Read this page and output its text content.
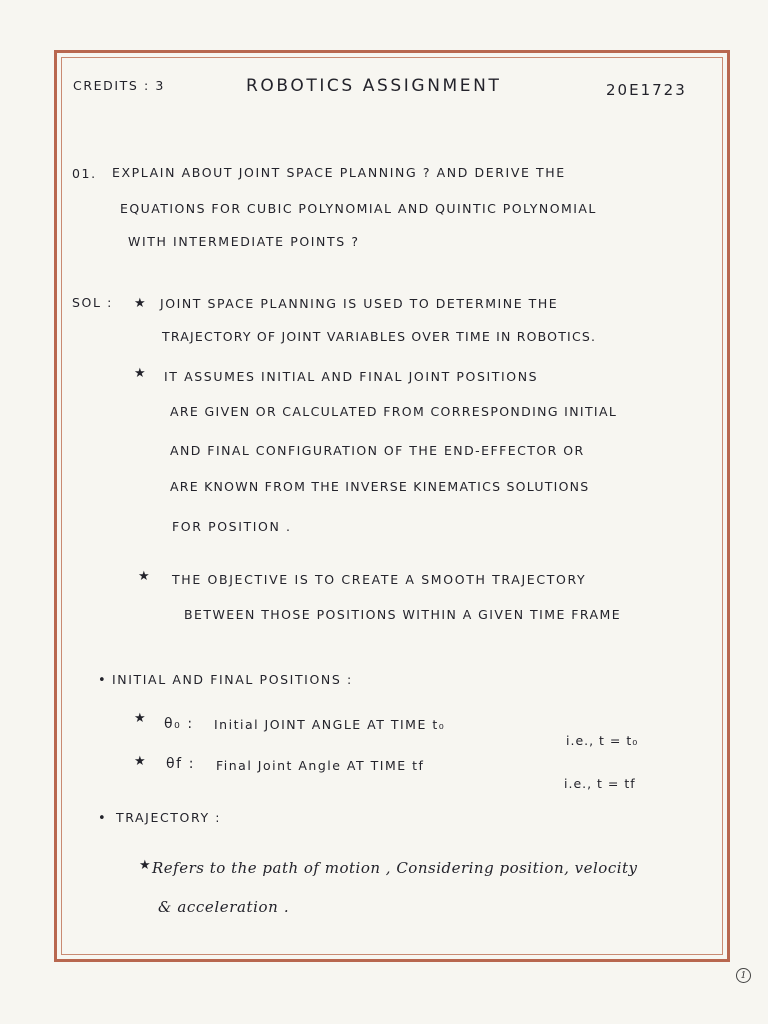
CREDITS : 3	ROBOTICS ASSIGNMENT	20E1723
01. EXPLAIN ABOUT JOINT SPACE PLANNING ? AND DERIVE THE
EQUATIONS FOR CUBIC POLYNOMIAL AND QUINTIC POLYNOMIAL
WITH INTERMEDIATE POINTS ?
SOL : ★ JOINT SPACE PLANNING IS USED TO DETERMINE THE
TRAJECTORY OF JOINT VARIABLES OVER TIME IN ROBOTICS.
★ IT ASSUMES INITIAL AND FINAL JOINT POSITIONS
ARE GIVEN OR CALCULATED FROM CORRESPONDING INITIAL
AND FINAL CONFIGURATION OF THE END-EFFECTOR OR
ARE KNOWN FROM THE INVERSE KINEMATICS SOLUTIONS
FOR POSITION .
★ THE OBJECTIVE IS TO CREATE A SMOOTH TRAJECTORY
BETWEEN THOSE POSITIONS WITHIN A GIVEN TIME FRAME
• INITIAL AND FINAL POSITIONS :
★ θ₀ : Initial JOINT ANGLE AT TIME t₀
i.e., t = t₀
★ θf : Final Joint Angle AT TIME tf
i.e., t = tf
• TRAJECTORY :
★ Refers to the path of motion , Considering position, velocity
& acceleration .
1
